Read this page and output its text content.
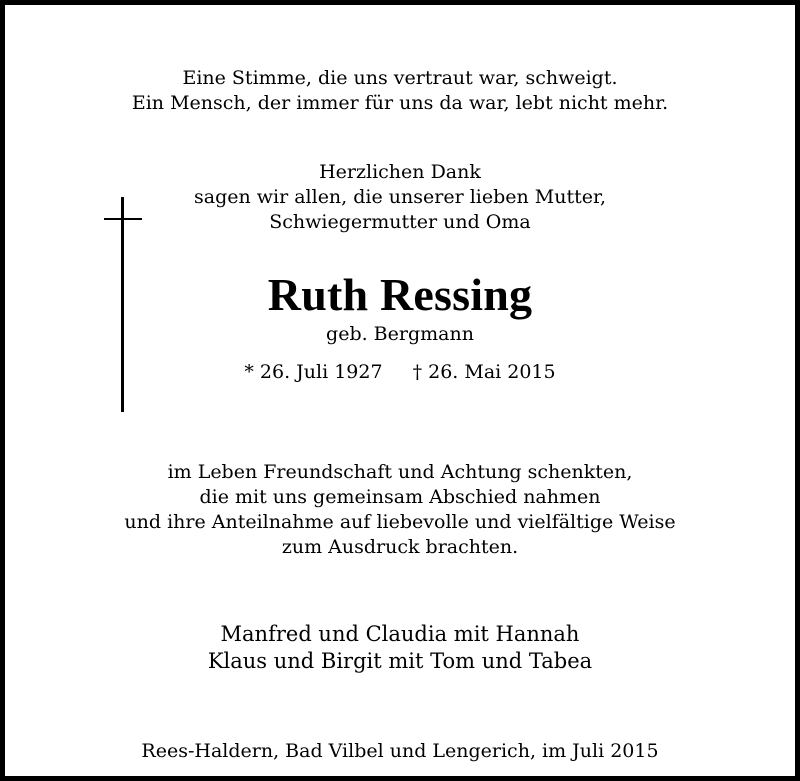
Eine Stimme, die uns vertraut war, schweigt.
Ein Mensch, der immer für uns da war, lebt nicht mehr.
Herzlichen Dank
sagen wir allen, die unserer lieben Mutter,
Schwiegermutter und Oma
Ruth Ressing
geb. Bergmann
* 26. Juli 1927 † 26. Mai 2015
im Leben Freundschaft und Achtung schenkten,
die mit uns gemeinsam Abschied nahmen
und ihre Anteilnahme auf liebevolle und vielfältige Weise
zum Ausdruck brachten.
Manfred und Claudia mit Hannah
Klaus und Birgit mit Tom und Tabea
Rees-Haldern, Bad Vilbel und Lengerich, im Juli 2015
